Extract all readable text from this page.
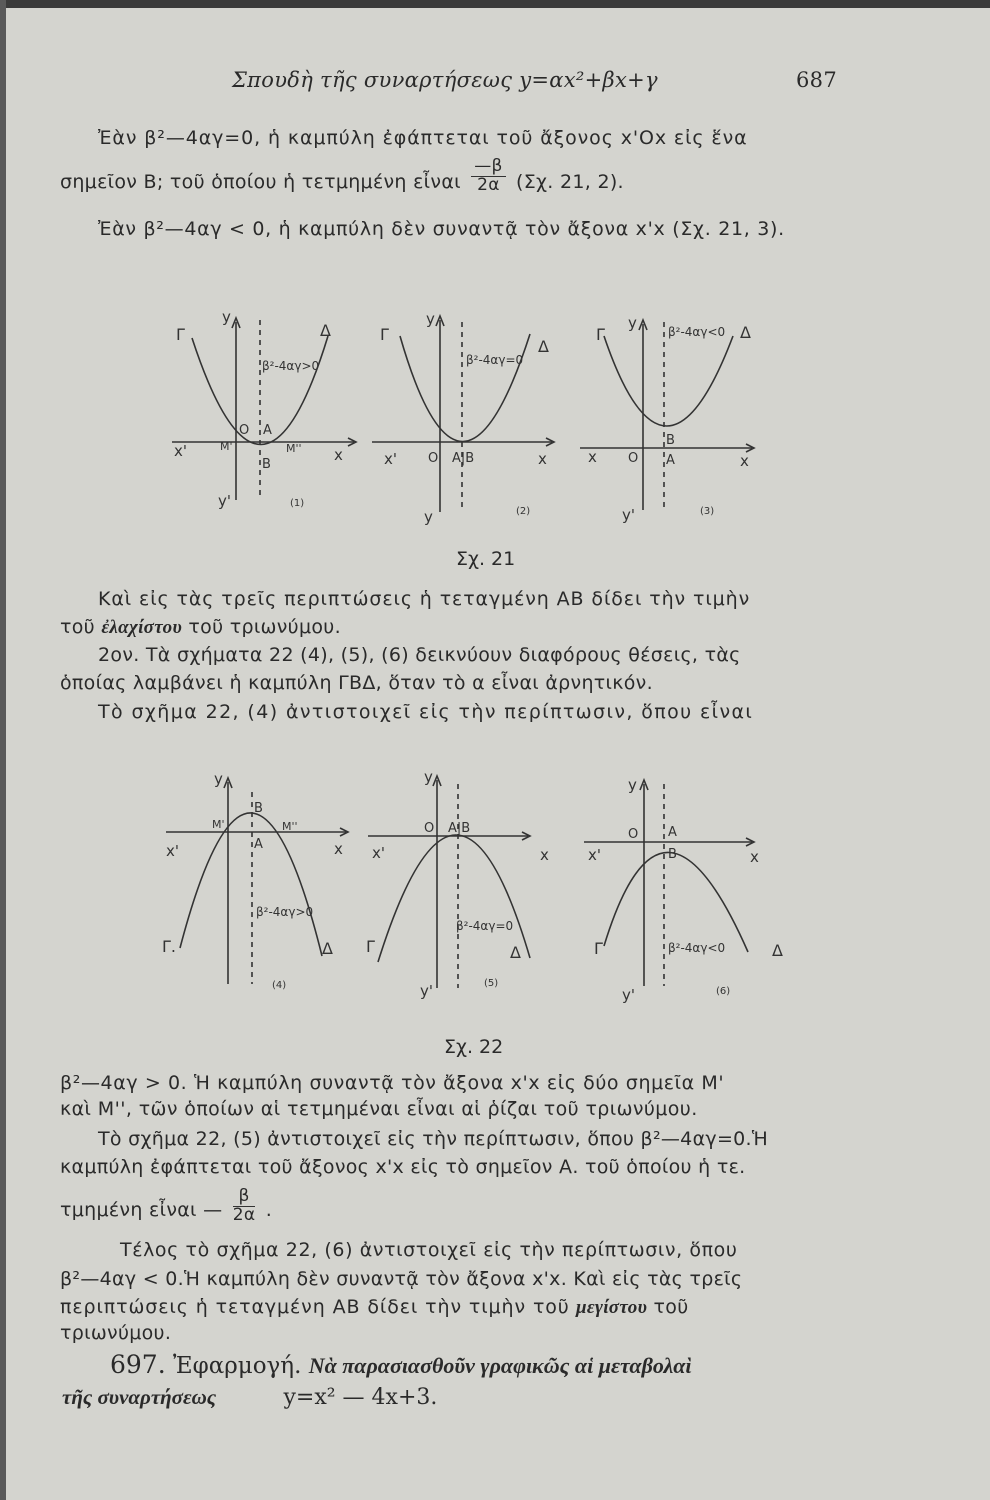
Σπουδὴ τῆς συναρτήσεως y=αx²+βx+γ	687
Ἐὰν β²—4αγ=0, ἡ καμπύλη ἐφάπτεται τοῦ ἄξονος x'Ox εἰς ἕνα
σημεῖον Β; τοῦ ὁποίου ἡ τετμημένη εἶναι $\frac{—\beta}{2\alpha} (\Sigma\chi$. 21, 2).
Ἐὰν β²—4αγ < 0, ἡ καμπύλη δὲν συναντᾷ τὸν ἄξονα x'x (Σχ. 21, 3).
Γ	Δ
y
y'
x
x'	M'	M''
O A
B
β²-4αγ>0
(1)
Γ
Δ
y
y
x
x' O A|B
β²-4αγ=0
(2)
Γ	Δ
y
y'
x
x O A
B
β²-4αγ<0
(3)
Σχ. 21
Καὶ εἰς τὰς τρεῖς περιπτώσεις ἡ τεταγμένη ΑΒ δίδει τὴν τιμὴν
τοῦ ἐλαχίστου τοῦ τριωνύμου.
2ον. Τὰ σχήματα 22 (4), (5), (6) δεικνύουν διαφόρους θέσεις, τὰς
ὁποίας λαμβάνει ἡ καμπύλη ΓΒΔ, ὅταν τὸ α εἶναι ἀρνητικόν.
Τὸ σχῆμα 22, (4) ἀντιστοιχεῖ εἰς τὴν περίπτωσιν, ὅπου εἶναι
Γ.	Δ
y
x
x'
M'	M''
A
B
β²-4αγ>0
(4)
Γ	Δ
y
y'
x
x'
O A|B
β²-4αγ=0
(5)
Γ	Δ
y
y'
x
x'
O A
B
β²-4αγ<0
(6)
Σχ. 22
β²—4αγ > 0. Ἡ καμπύλη συναντᾷ τὸν ἄξονα x'x εἰς δύο σημεῖα Μ'
καὶ Μ'', τῶν ὁποίων αἱ τετμημέναι εἶναι αἱ ῥίζαι τοῦ τριωνύμου.
Τὸ σχῆμα 22, (5) ἀντιστοιχεῖ εἰς τὴν περίπτωσιν, ὅπου β²—4αγ=0.Ἡ
καμπύλη ἐφάπτεται τοῦ ἄξονος x'x εἰς τὸ σημεῖον Α. τοῦ ὁποίου ἡ τε.
τμημένη εἶναι — $\frac{\beta}{2\alpha}$ .
Τέλος τὸ σχῆμα 22, (6) ἀντιστοιχεῖ εἰς τὴν περίπτωσιν, ὅπου
β²—4αγ < 0.Ἡ καμπύλη δὲν συναντᾷ τὸν ἄξονα x'x. Καὶ εἰς τὰς τρεῖς
περιπτώσεις ἡ τεταγμένη ΑΒ δίδει τὴν τιμὴν τοῦ μεγίστου τοῦ
τριωνύμου.
697. Ἐφαρμογή. Νὰ παρασιασθοῦν γραφικῶς αἱ μεταβολαὶ
τῆς συναρτήσεως	y=x² — 4x+3.
